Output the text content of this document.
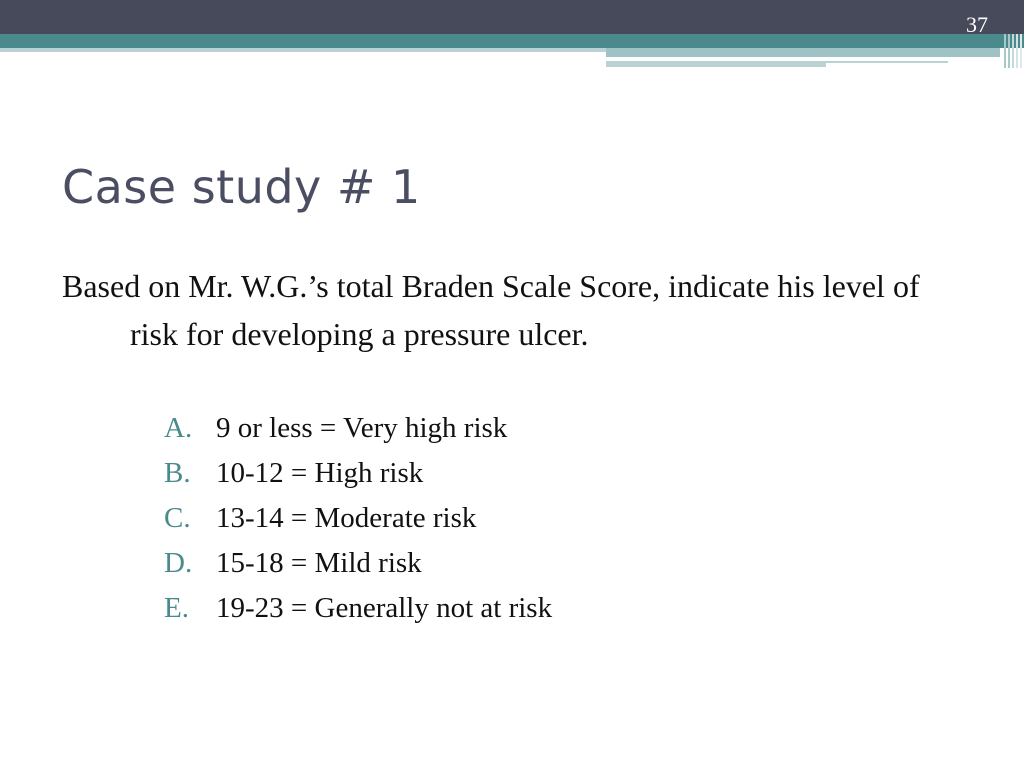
37
Case study # 1

Based on Mr. W.G.’s total Braden Scale Score, indicate his level of risk for developing a pressure ulcer.

A. 9 or less = Very high risk
B. 10-12 = High risk
C. 13-14 = Moderate risk
D. 15-18 = Mild risk
E. 19-23 = Generally not at risk
